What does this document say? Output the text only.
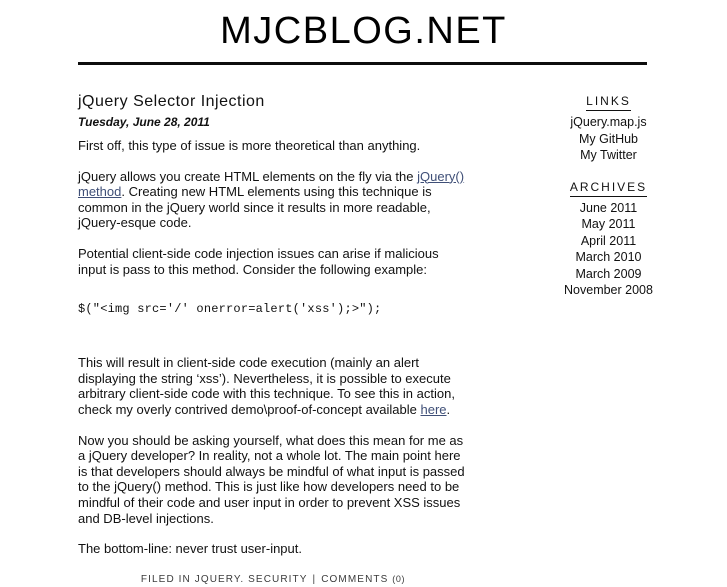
MJCBLOG.NET
jQuery Selector Injection
Tuesday, June 28, 2011

First off, this type of issue is more theoretical than anything.

jQuery allows you create HTML elements on the fly via the jQuery() method. Creating new HTML elements using this technique is common in the jQuery world since it results in more readable, jQuery-esque code.

Potential client-side code injection issues can arise if malicious input is pass to this method. Consider the following example:

$("<img src='/' onerror=alert('xss');>");

This will result in client-side code execution (mainly an alert displaying the string ‘xss’). Nevertheless, it is possible to execute arbitrary client-side code with this technique. To see this in action, check my overly contrived demo\proof-of-concept available here.

Now you should be asking yourself, what does this mean for me as a jQuery developer? In reality, not a whole lot. The main point here is that developers should always be mindful of what input is passed to the jQuery() method. This is just like how developers need to be mindful of their code and user input in order to prevent XSS issues and DB-level injections.

The bottom-line: never trust user-input.

FILED IN JQUERY. SECURITY | COMMENTS (0)
LINKS
jQuery.map.js
My GitHub
My Twitter
ARCHIVES
June 2011
May 2011
April 2011
March 2010
March 2009
November 2008
